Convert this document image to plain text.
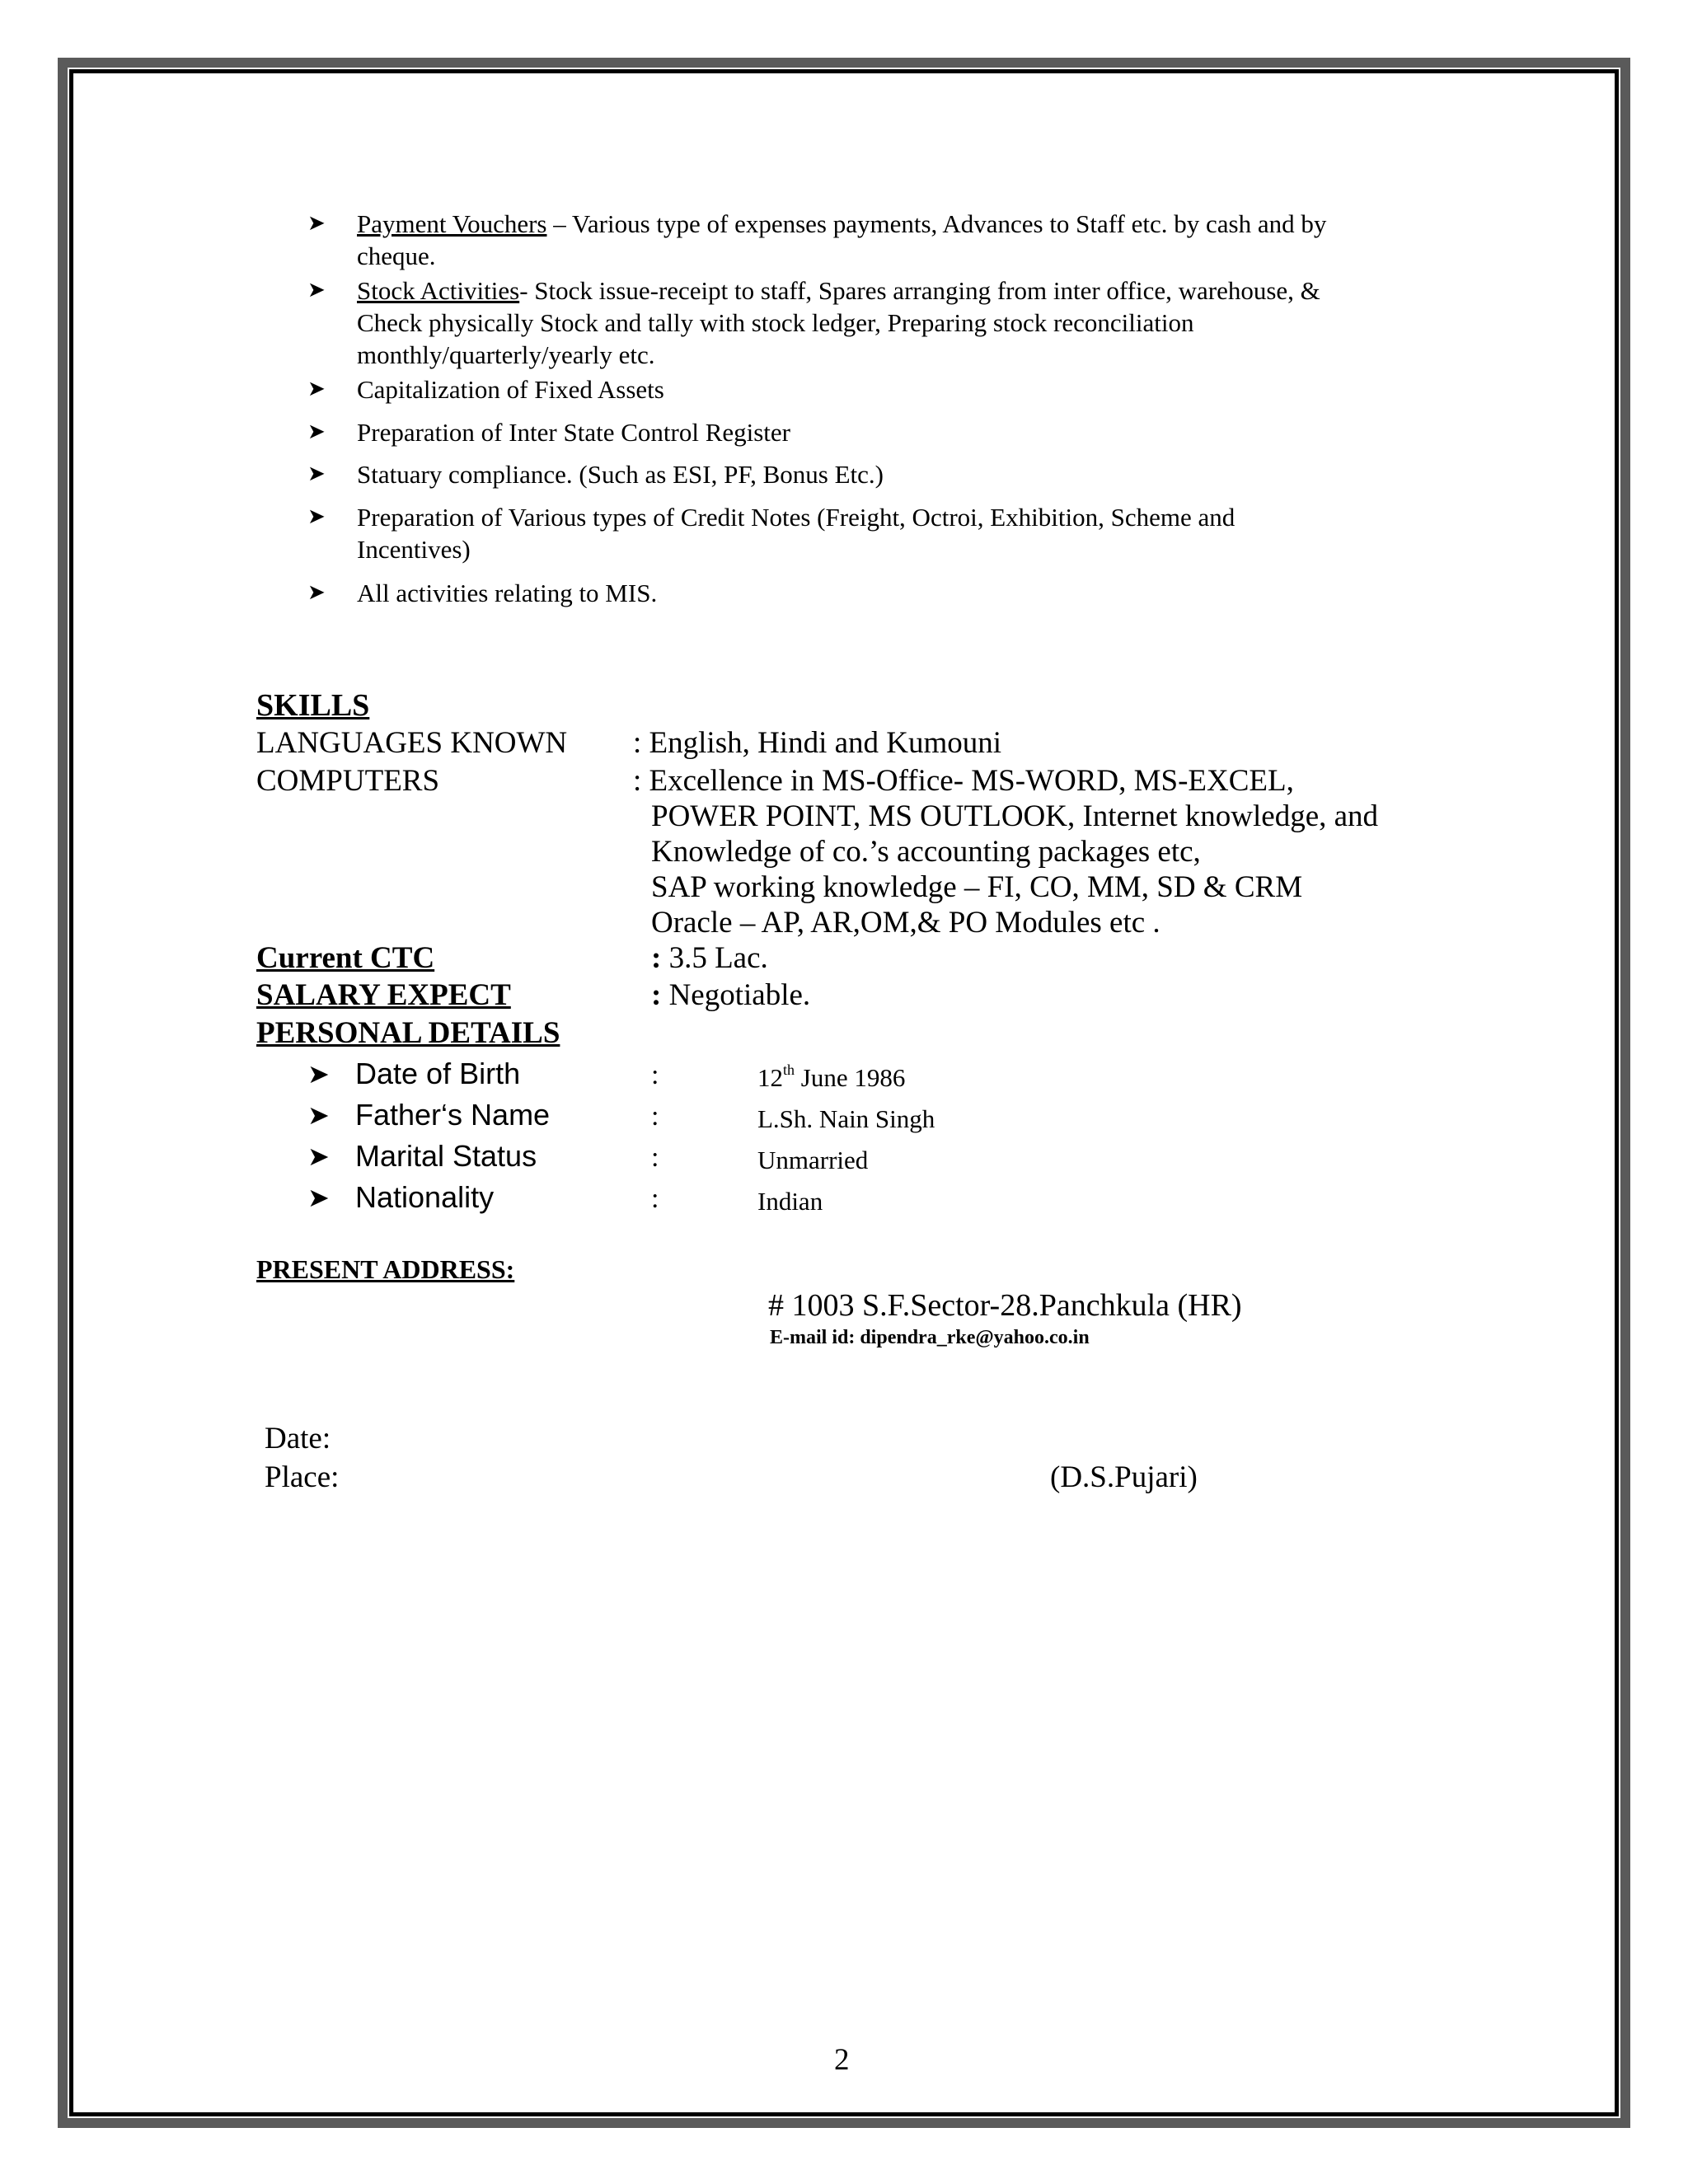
➤	Payment Vouchers – Various type of expenses payments, Advances to Staff etc. by cash and by
cheque.
➤	Stock Activities- Stock issue-receipt to staff, Spares arranging from inter office, warehouse, &
Check physically Stock and tally with stock ledger, Preparing stock reconciliation
monthly/quarterly/yearly etc.
➤	Capitalization of Fixed Assets
➤	Preparation of Inter State Control Register
➤	Statuary compliance. (Such as ESI, PF, Bonus Etc.)
➤	Preparation of Various types of Credit Notes (Freight, Octroi, Exhibition, Scheme and
Incentives)
➤	All activities relating to MIS.
SKILLS
LANGUAGES KNOWN : English, Hindi and Kumouni
COMPUTERS	: Excellence in MS-Office- MS-WORD, MS-EXCEL,
POWER POINT, MS OUTLOOK, Internet knowledge, and
Knowledge of co.’s accounting packages etc,
SAP working knowledge – FI, CO, MM, SD & CRM
Oracle – AP, AR,OM,& PO Modules etc .
Current CTC	: 3.5 Lac.
SALARY EXPECT	: Negotiable.
PERSONAL DETAILS
➤ Date of Birth	:	12th June 1986
➤ Father‘s Name	:	L.Sh. Nain Singh
➤ Marital Status	:	Unmarried
➤ Nationality	:	Indian
PRESENT ADDRESS:
# 1003 S.F.Sector-28.Panchkula (HR)
E-mail id: dipendra_rke@yahoo.co.in
Date:
Place:	(D.S.Pujari)
2
